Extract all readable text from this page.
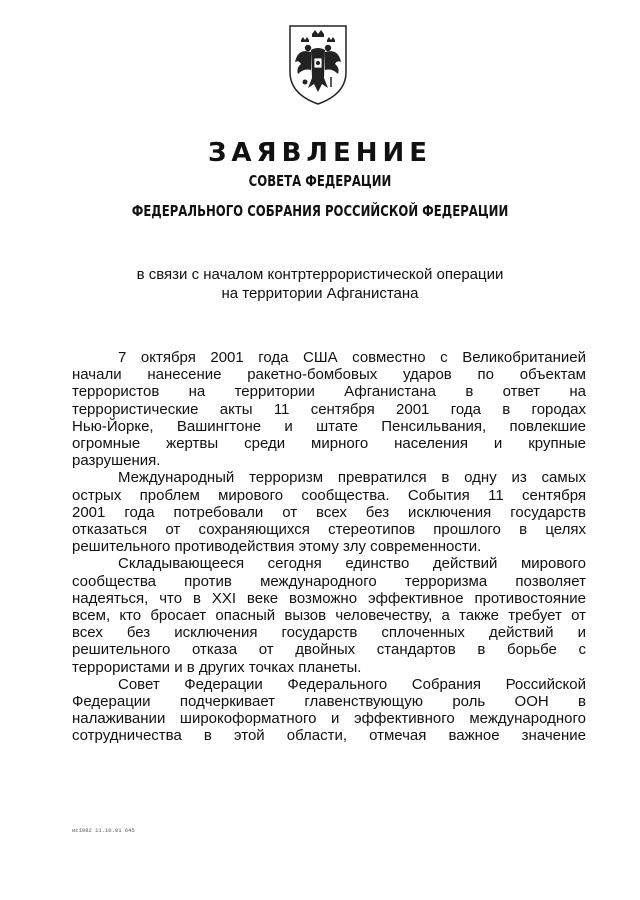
ЗАЯВЛЕНИЕ
СОВЕТА ФЕДЕРАЦИИ
ФЕДЕРАЛЬНОГО СОБРАНИЯ РОССИЙСКОЙ ФЕДЕРАЦИИ
в связи с началом контртеррористической операции
на территории Афганистана

7 октября 2001 года США совместно с Великобританией
начали нанесение ракетно-бомбовых ударов по объектам
террористов на территории Афганистана в ответ на
террористические акты 11 сентября 2001 года в городах
Нью-Йорке, Вашингтоне и штате Пенсильвания, повлекшие
огромные жертвы среди мирного населения и крупные
разрушения.

Международный терроризм превратился в одну из самых
острых проблем мирового сообщества. События 11 сентября
2001 года потребовали от всех без исключения государств
отказаться от сохраняющихся стереотипов прошлого в целях
решительного противодействия этому злу современности.

Складывающееся сегодня единство действий мирового
сообщества против международного терроризма позволяет
надеяться, что в XXI веке возможно эффективное противостояние
всем, кто бросает опасный вызов человечеству, а также требует от
всех без исключения государств сплоченных действий и
решительного отказа от двойных стандартов в борьбе с
террористами и в других точках планеты.

Совет Федерации Федерального Собрания Российской
Федерации подчеркивает главенствующую роль ООН в
налаживании широкоформатного и эффективного международного
сотрудничества в этой области, отмечая важное значение

ис1982 11.10.01 645
